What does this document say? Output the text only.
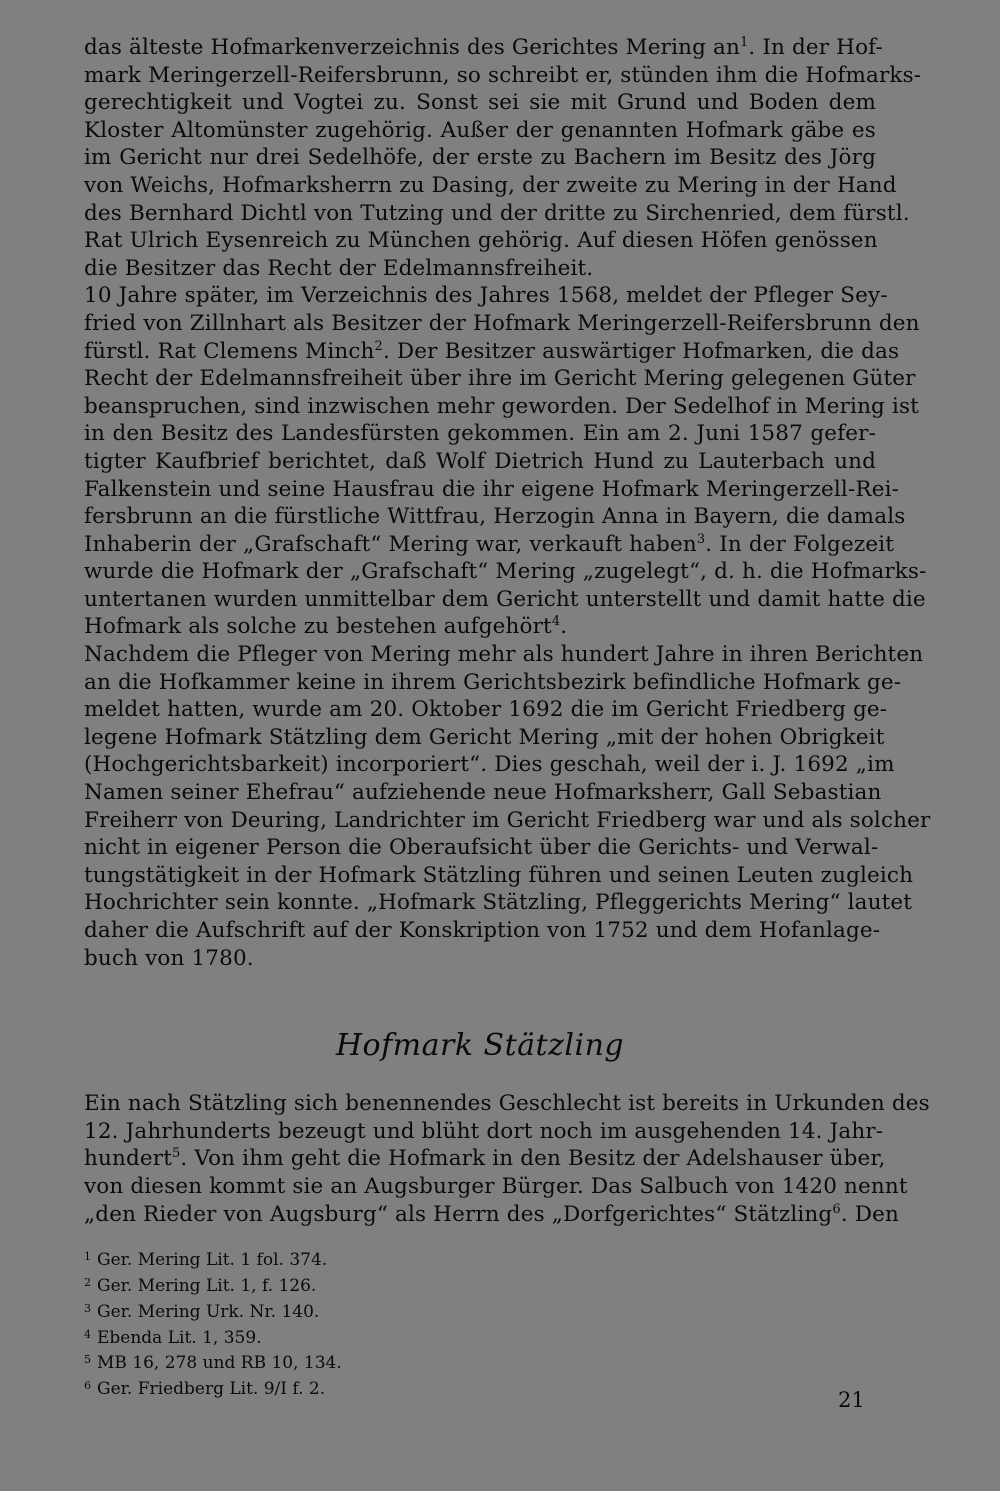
das älteste Hofmarkenverzeichnis des Gerichtes Mering $an^1$. In der Hof-

mark Meringerzell-Reifersbrunn, so schreibt er, stünden ihm die Hofmarks-

gerechtigkeit und Vogtei zu. Sonst sei sie mit Grund und Boden dem

Kloster Altomünster zugehörig. Außer der genannten Hofmark gäbe es

im Gericht nur drei Sedelhöfe, der erste zu Bachern im Besitz des Jörg

von Weichs, Hofmarksherrn zu Dasing, der zweite zu Mering in der Hand

des Bernhard Dichtl von Tutzing und der dritte zu Sirchenried, dem fürstl.

Rat Ulrich Eysenreich zu München gehörig. Auf diesen Höfen genössen

die Besitzer das Recht der Edelmannsfreiheit.

10 Jahre später, im Verzeichnis des Jahres 1568, meldet der Pfleger Sey-

fried von Zillnhart als Besitzer der Hofmark Meringerzell-Reifersbrunn den

fürstl. Rat Clemens Minch$^2$. Der Besitzer auswärtiger Hofmarken, die das

Recht der Edelmannsfreiheit über ihre im Gericht Mering gelegenen Güter

beanspruchen, sind inzwischen mehr geworden. Der Sedelhof in Mering ist

in den Besitz des Landesfürsten gekommen. Ein am 2. Juni 1587 gefer-

tigter Kaufbrief berichtet, daß Wolf Dietrich Hund zu Lauterbach und

Falkenstein und seine Hausfrau die ihr eigene Hofmark Meringerzell-Rei-

fersbrunn an die fürstliche Wittfrau, Herzogin Anna in Bayern, die damals

Inhaberin der „Grafschaft“ Mering war, verkauft haben$^3$. In der Folgezeit

wurde die Hofmark der „Grafschaft“ Mering „zugelegt“, d. h. die Hofmarks-

untertanen wurden unmittelbar dem Gericht unterstellt und damit hatte die

Hofmark als solche zu bestehen aufgehört$^4$.

Nachdem die Pfleger von Mering mehr als hundert Jahre in ihren Berichten

an die Hofkammer keine in ihrem Gerichtsbezirk befindliche Hofmark ge-

meldet hatten, wurde am 20. Oktober 1692 die im Gericht Friedberg ge-

legene Hofmark Stätzling dem Gericht Mering „mit der hohen Obrigkeit

(Hochgerichtsbarkeit) incorporiert“. Dies geschah, weil der i. J. 1692 „im

Namen seiner Ehefrau“ aufziehende neue Hofmarksherr, Gall Sebastian

Freiherr von Deuring, Landrichter im Gericht Friedberg war und als solcher

nicht in eigener Person die Oberaufsicht über die Gerichts- und Verwal-

tungstätigkeit in der Hofmark Stätzling führen und seinen Leuten zugleich

Hochrichter sein konnte. „Hofmark Stätzling, Pfleggerichts Mering“ lautet

daher die Aufschrift auf der Konskription von 1752 und dem Hofanlage-

buch von 1780.

Hofmark Stätzling

Ein nach Stätzling sich benennendes Geschlecht ist bereits in Urkunden des

12. Jahrhunderts bezeugt und blüht dort noch im ausgehenden 14. Jahr-

hundert$^5$. Von ihm geht die Hofmark in den Besitz der Adelshauser über,

von diesen kommt sie an Augsburger Bürger. Das Salbuch von 1420 nennt

„den Rieder von Augsburg“ als Herrn des „Dorfgerichtes“ Stätzling$^6$. Den

$^1$ Ger. Mering Lit. 1 fol. 374.

$^2$ Ger. Mering Lit. 1, f. 126.

$^3$ Ger. Mering Urk. Nr. 140.

$^4$ Ebenda Lit. 1, 359.

$^5$ MB 16, 278 und RB 10, 134.

$^6$ Ger. Friedberg Lit. 9/I f. 2.	21
